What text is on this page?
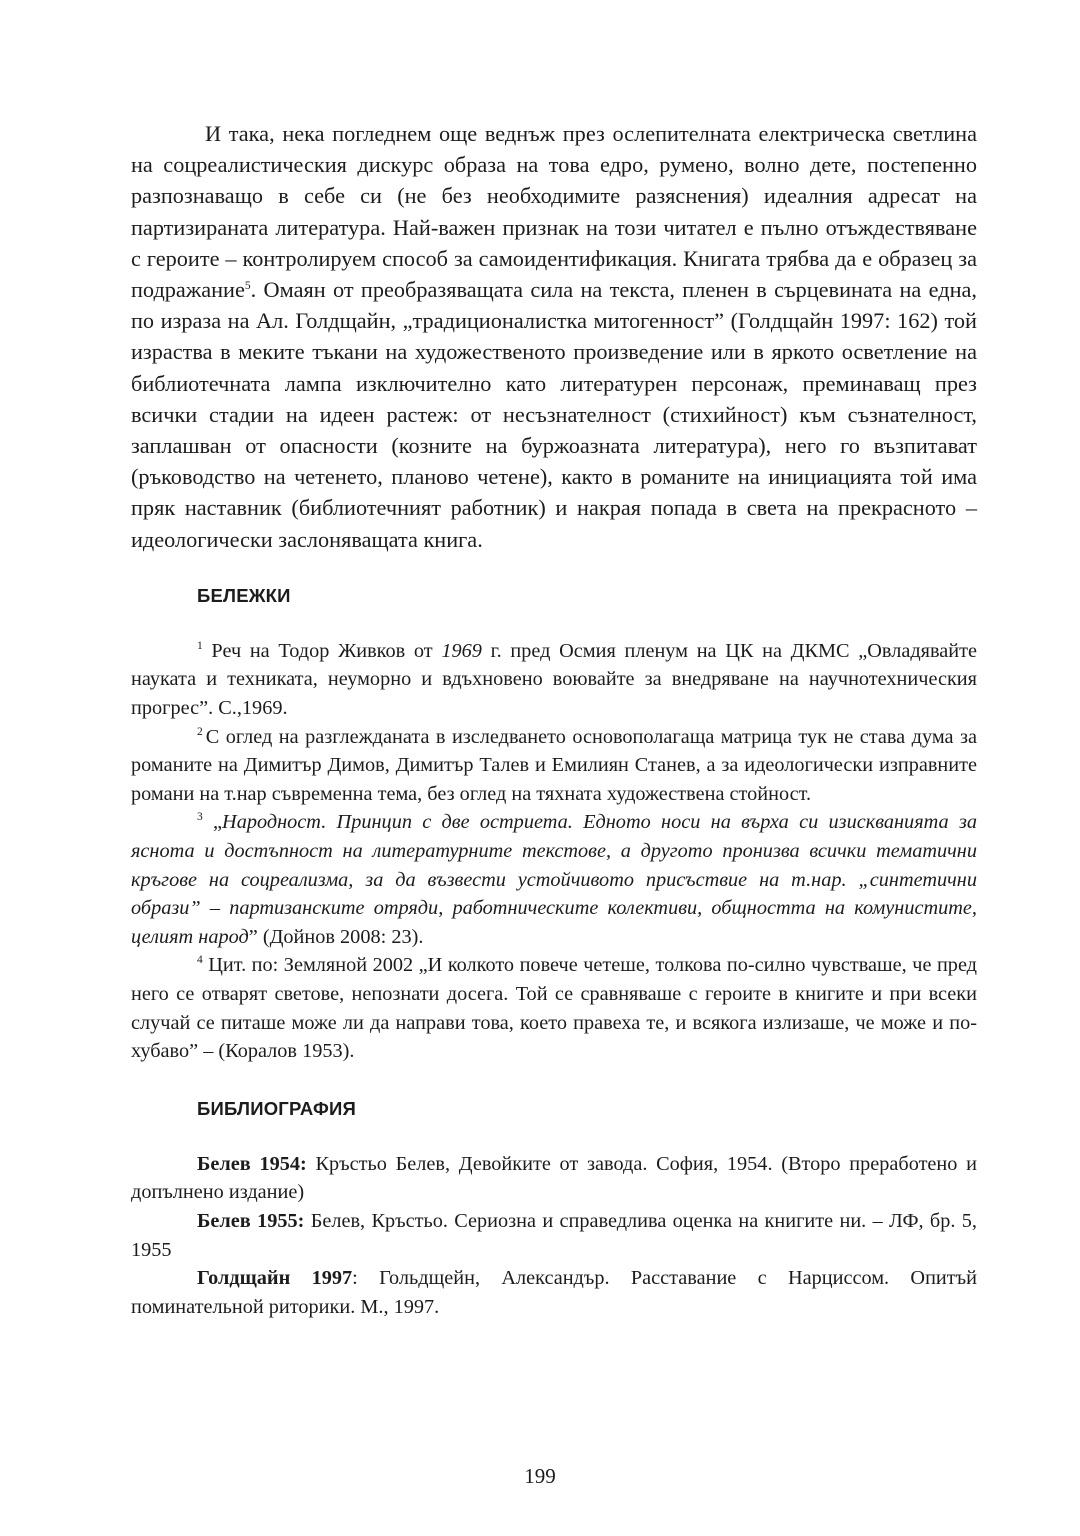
И така, нека погледнем още веднъж през ослепителната електрическа светлина на соцреалистическия дискурс образа на това едро, румено, волно дете, постепенно разпознаващо в себе си (не без необходимите разяснения) идеалния адресат на партизираната литература. Най-важен признак на този читател е пълно отъждествяване с героите – контролируем способ за самоидентификация. Книгата трябва да е образец за подражание$^5$. Омаян от преобразяващата сила на текста, пленен в сърцевината на една, по израза на Ал. Голдщайн, „традиционалистка митогенност” (Голдщайн 1997: 162) той израства в меките тъкани на художественото произведение или в яркото осветление на библиотечната лампа изключително като литературен персонаж, преминаващ през всички стадии на идеен растеж: от несъзнателност (стихийност) към съзнателност, заплашван от опасности (козните на буржоазната литература), него го възпитават (ръководство на четенето, планово четене), както в романите на инициацията той има пряк наставник (библиотечният работник) и накрая попада в света на прекрасното – идеологически заслоняващата книга.

БЕЛЕЖКИ

$^1$ Реч на Тодор Живков от 1969 г. пред Осмия пленум на ЦК на ДКМС „Овладявайте науката и техниката, неуморно и вдъхновено воювайте за внедряване на научнотехническия прогрес”. С.,1969.

$^2$ С оглед на разглежданата в изследването основополагаща матрица тук не става дума за романите на Димитър Димов, Димитър Талев и Емилиян Станев, а за идеологически изправните романи на т.нар съвременна тема, без оглед на тяхната художествена стойност.

$^3$ „Народност. Принцип с две остриета. Едното носи на върха си изискванията за яснота и достъпност на литературните текстове, а другото пронизва всички тематични кръгове на соцреализма, за да възвести устойчивото присъствие на т.нар. „синтетични образи” – партизанските отряди, работническите колективи, общността на комунистите, целият народ” (Дойнов 2008: 23).

$^4$ Цит. по: Земляной 2002 „И колкото повече четеше, толкова по-силно чувстваше, че пред него се отварят светове, непознати досега. Той се сравняваше с героите в книгите и при всеки случай се питаше може ли да направи това, което правеха те, и всякога излизаше, че може и по-хубаво” – (Коралов 1953).

БИБЛИОГРАФИЯ

Белев 1954: Кръстьо Белев, Девойките от завода. София, 1954. (Второ преработено и допълнено издание)

Белев 1955: Белев, Кръстьо. Сериозна и справедлива оценка на книгите ни. – ЛФ, бр. 5, 1955

Голдщайн 1997: Гольдщейн, Александър. Расставание с Нарциссом. Опитъй поминательной риторики. М., 1997.

199
